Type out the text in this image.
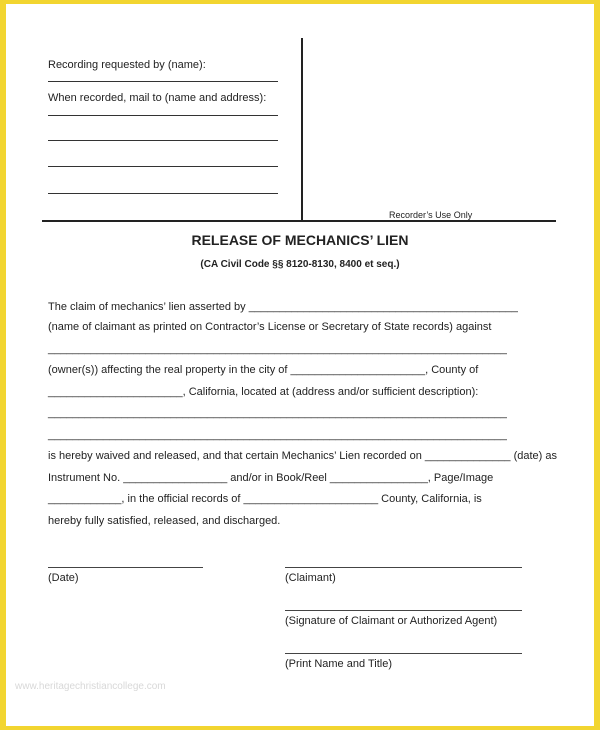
Recording requested by (name):
When recorded, mail to (name and address):
Recorder’s Use Only
RELEASE OF MECHANICS’ LIEN
(CA Civil Code §§ 8120-8130, 8400 et seq.)
The claim of mechanics’ lien asserted by ____________________________________________
(name of claimant as printed on Contractor’s License or Secretary of State records) against
___________________________________________________________________________
(owner(s)) affecting the real property in the city of ______________________, County of
______________________, California, located at (address and/or sufficient description):
___________________________________________________________________________
___________________________________________________________________________
is hereby waived and released, and that certain Mechanics’ Lien recorded on ______________ (date) as
Instrument No. _________________ and/or in Book/Reel ________________, Page/Image
____________, in the official records of ______________________ County, California, is
hereby fully satisfied, released, and discharged.
(Date)	(Claimant)
(Signature of Claimant or Authorized Agent)
(Print Name and Title)
www.heritagechristiancollege.com
